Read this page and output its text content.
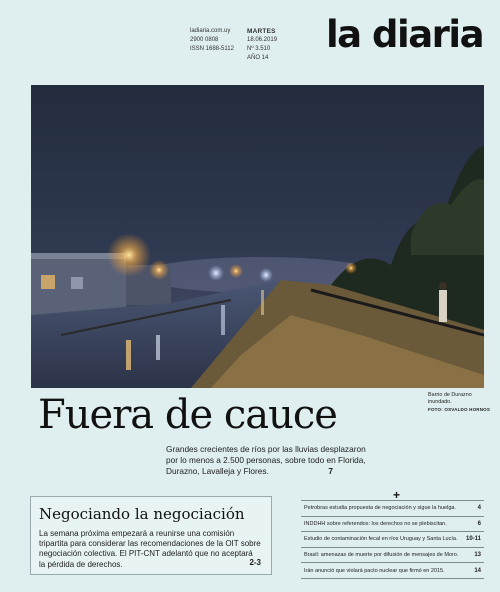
ladiaria.com.uy
2900 0808
ISSN 1688-5112
MARTES
18.06.2019
Nº 3.510
AÑO 14
la diaria
Barrio de Durazno inundado.
FOTO: OSVALDO HORNOS
Fuera de cauce
Grandes crecientes de ríos por las lluvias desplazaron por lo menos a 2.500 personas, sobre todo en Florida, Durazno, Lavalleja y Flores.	7
Negociando la negociación
La semana próxima empezará a reunirse una comisión tripartita para considerar las recomendaciones de la OIT sobre negociación colectiva. El PIT-CNT adelantó que no aceptará la pérdida de derechos.	2-3
+
Petrobras estudia propuesta de negociación y sigue la huelga.	4
INDDHH sobre referendos: los derechos no se plebiscitan.	6
Estudio de contaminación fecal en ríos Uruguay y Santa Lucía. 10-11
Brasil: amenazas de muerte por difusión de mensajes de Moro.	13
Irán anunció que violará pacto nuclear que firmó en 2015.	14
